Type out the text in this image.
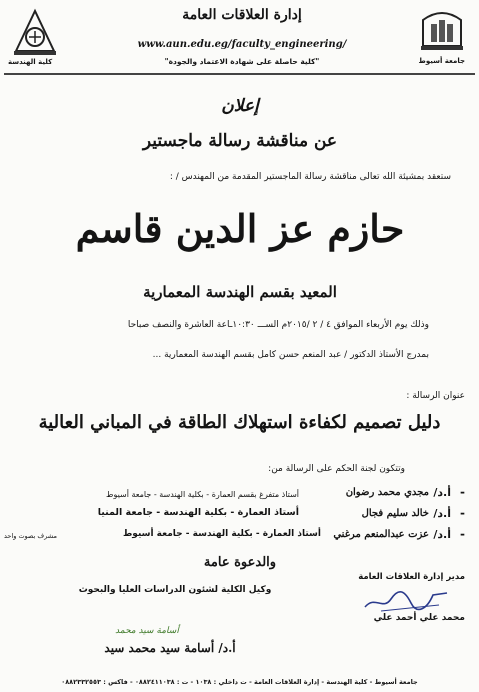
كلية الهندسة	جامعة أسيوط
إدارة العلاقات العامة
www.aun.edu.eg/faculty_engineering/
"كلية حاصلة على شهادة الاعتماد والجودة"
إعلان
عن مناقشة رسالة ماجستير
ستعقد بمشيئة الله تعالى مناقشة رسالة الماجستير المقدمة من المهندس / :
حازم عز الدين قاسم
المعيد بقسم الهندسة المعمارية
وذلك يوم الأربعاء الموافق ٤ / ٢ /٢٠١٥م الســـ ١٠:٣٠ـاعة العاشرة والنصف صباحا
بمدرج الأستاذ الدكتور / عبد المنعم حسن كامل بقسم الهندسة المعمارية ...
عنوان الرسالة :
دليل تصميم لكفاءة استهلاك الطاقة في المباني العالية
وتتكون لجنة الحكم على الرسالة من:
-
أ.د/
مجدي محمد رضوان
أستاذ متفرغ بقسم العمارة - بكلية الهندسة - جامعة أسيوط
-
أ.د/
خالد سليم فجال
أستاذ العمارة - بكلية الهندسة - جامعة المنيا
-
أ.د/
عزت عبدالمنعم مرغني
أستاذ العمارة - بكلية الهندسة - جامعة أسيوط
مشرف بصوت واحد
والدعوة عامة
وكيل الكلية لشئون الدراسات العليا والبحوث
أسامة سيد محمد
أ.د/ أسامة سيد محمد سيد
مدير إدارة العلاقات العامة
محمد علي أحمد علي
جامعة أسيوط - كلية الهندسة - إدارة العلاقات العامة - ت داخلي : ١٠٣٨ - ت : ٠٨٨٢٤١١٠٣٨ - فاكس : ٠٨٨٢٣٣٢٥٥٣
